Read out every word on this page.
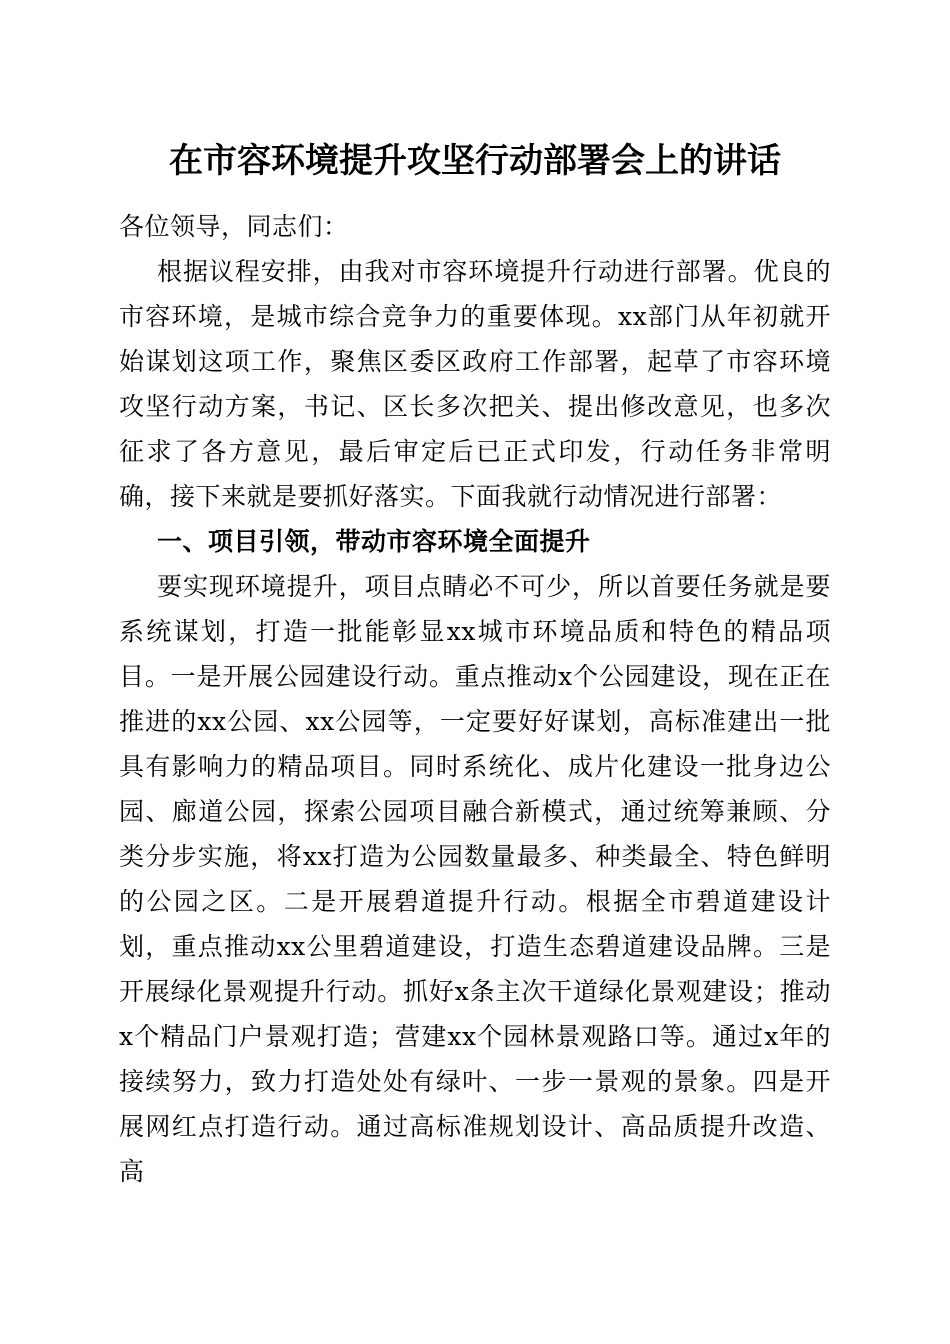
在市容环境提升攻坚行动部署会上的讲话

各位领导，同志们：

根据议程安排，由我对市容环境提升行动进行部署。优良的市容环境，是城市综合竞争力的重要体现。xx部门从年初就开始谋划这项工作，聚焦区委区政府工作部署，起草了市容环境攻坚行动方案，书记、区长多次把关、提出修改意见，也多次征求了各方意见，最后审定后已正式印发，行动任务非常明确，接下来就是要抓好落实。下面我就行动情况进行部署：

一、项目引领，带动市容环境全面提升

要实现环境提升，项目点睛必不可少，所以首要任务就是要系统谋划，打造一批能彰显xx城市环境品质和特色的精品项目。一是开展公园建设行动。重点推动x个公园建设，现在正在推进的xx公园、xx公园等，一定要好好谋划，高标准建出一批具有影响力的精品项目。同时系统化、成片化建设一批身边公园、廊道公园，探索公园项目融合新模式，通过统筹兼顾、分类分步实施，将xx打造为公园数量最多、种类最全、特色鲜明的公园之区。二是开展碧道提升行动。根据全市碧道建设计划，重点推动xx公里碧道建设，打造生态碧道建设品牌。三是开展绿化景观提升行动。抓好x条主次干道绿化景观建设；推动x个精品门户景观打造；营建xx个园林景观路口等。通过x年的接续努力，致力打造处处有绿叶、一步一景观的景象。四是开展网红点打造行动。通过高标准规划设计、高品质提升改造、高
